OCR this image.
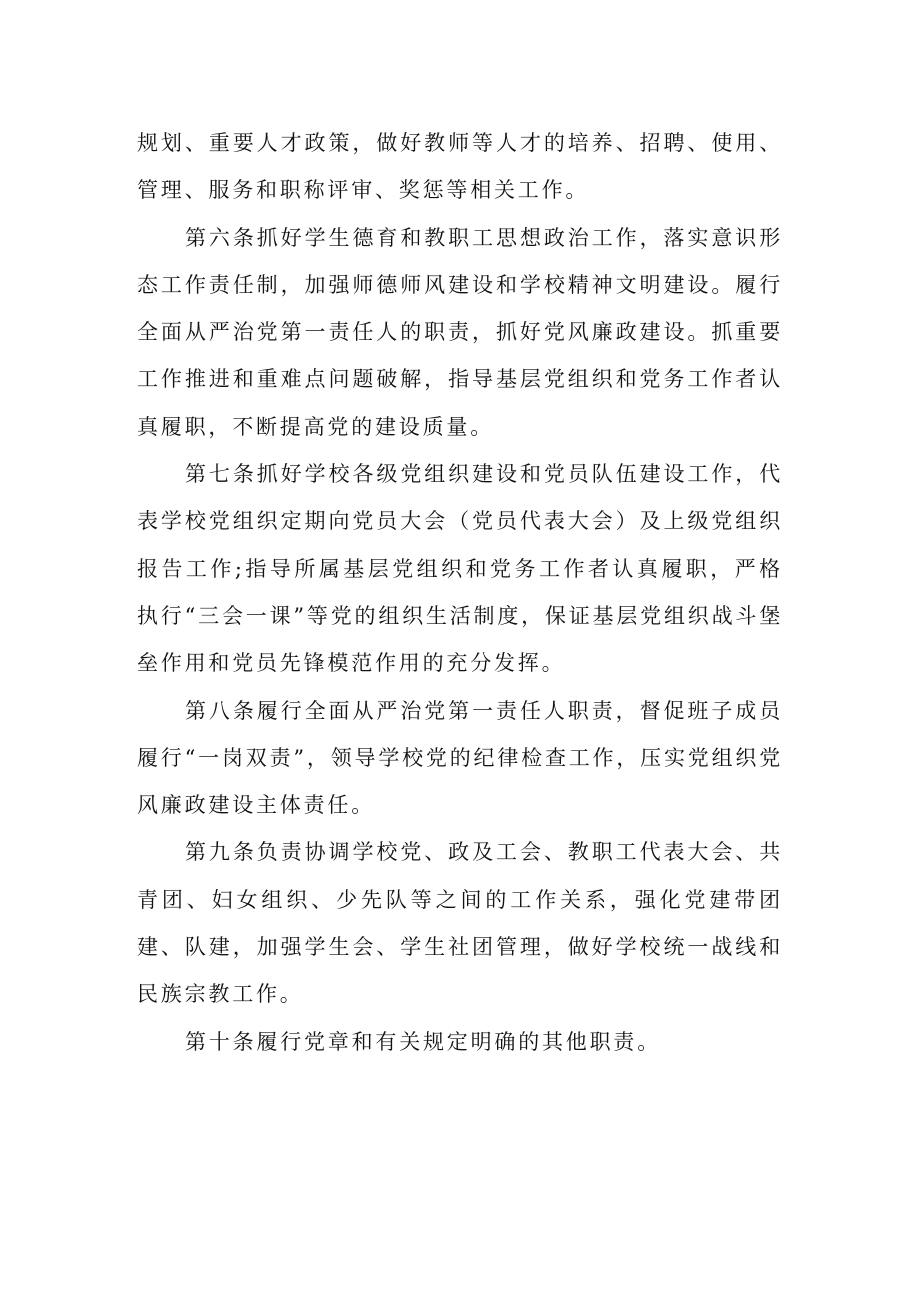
规划、重要人才政策，做好教师等人才的培养、招聘、使用、管理、服务和职称评审、奖惩等相关工作。

第六条抓好学生德育和教职工思想政治工作，落实意识形态工作责任制，加强师德师风建设和学校精神文明建设。履行全面从严治党第一责任人的职责，抓好党风廉政建设。抓重要工作推进和重难点问题破解，指导基层党组织和党务工作者认真履职，不断提高党的建设质量。

第七条抓好学校各级党组织建设和党员队伍建设工作，代表学校党组织定期向党员大会（党员代表大会）及上级党组织报告工作;指导所属基层党组织和党务工作者认真履职，严格执行“三会一课”等党的组织生活制度，保证基层党组织战斗堡垒作用和党员先锋模范作用的充分发挥。

第八条履行全面从严治党第一责任人职责，督促班子成员履行“一岗双责”，领导学校党的纪律检查工作，压实党组织党风廉政建设主体责任。

第九条负责协调学校党、政及工会、教职工代表大会、共青团、妇女组织、少先队等之间的工作关系，强化党建带团建、队建，加强学生会、学生社团管理，做好学校统一战线和民族宗教工作。

第十条履行党章和有关规定明确的其他职责。
